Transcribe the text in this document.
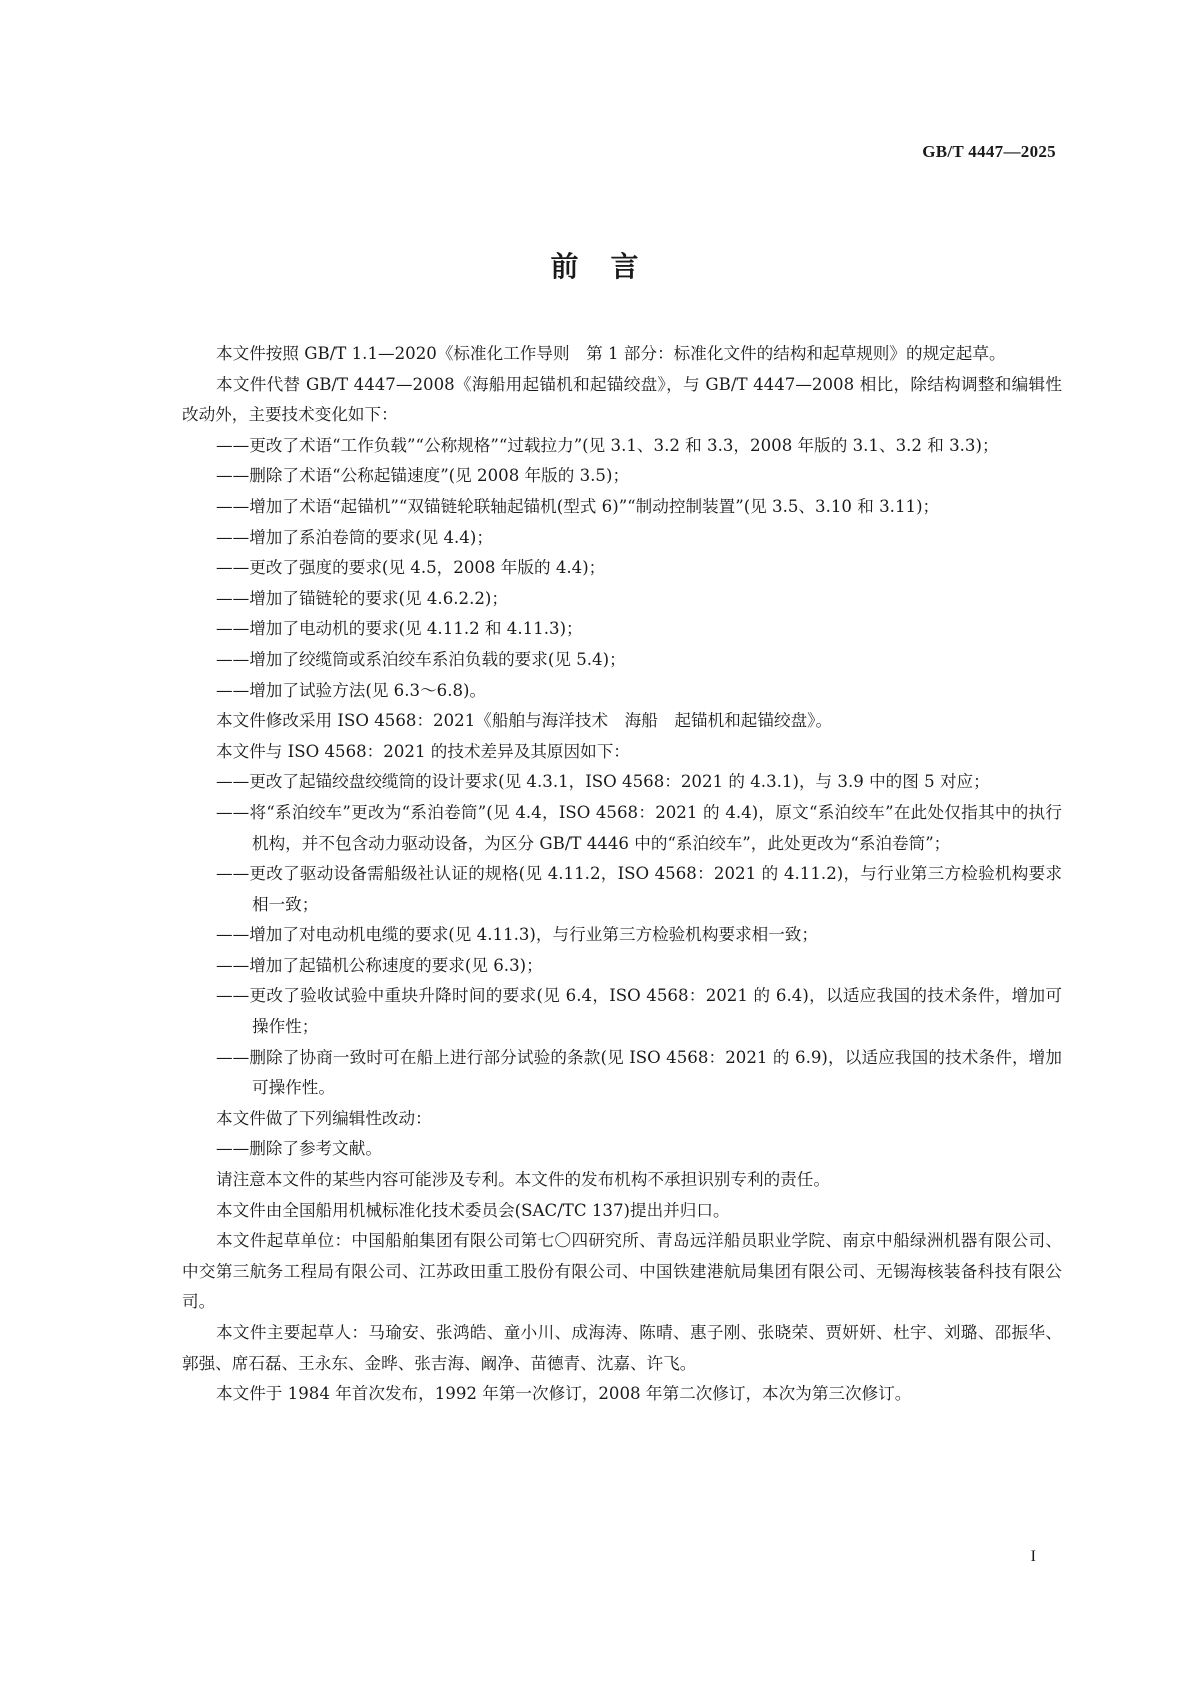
GB/T 4447—2025
前　言

本文件按照 GB/T 1.1—2020《标准化工作导则　第 1 部分：标准化文件的结构和起草规则》的规定起草。

本文件代替 GB/T 4447—2008《海船用起锚机和起锚绞盘》，与 GB/T 4447—2008 相比，除结构调整和编辑性改动外，主要技术变化如下：

——更改了术语“工作负载”“公称规格”“过载拉力”(见 3.1、3.2 和 3.3，2008 年版的 3.1、3.2 和 3.3)；

——删除了术语“公称起锚速度”(见 2008 年版的 3.5)；

——增加了术语“起锚机”“双锚链轮联轴起锚机(型式 6)”“制动控制装置”(见 3.5、3.10 和 3.11)；

——增加了系泊卷筒的要求(见 4.4)；

——更改了强度的要求(见 4.5，2008 年版的 4.4)；

——增加了锚链轮的要求(见 4.6.2.2)；

——增加了电动机的要求(见 4.11.2 和 4.11.3)；

——增加了绞缆筒或系泊绞车系泊负载的要求(见 5.4)；

——增加了试验方法(见 6.3～6.8)。

本文件修改采用 ISO 4568：2021《船舶与海洋技术　海船　起锚机和起锚绞盘》。

本文件与 ISO 4568：2021 的技术差异及其原因如下：

——更改了起锚绞盘绞缆筒的设计要求(见 4.3.1，ISO 4568：2021 的 4.3.1)，与 3.9 中的图 5 对应；

——将“系泊绞车”更改为“系泊卷筒”(见 4.4，ISO 4568：2021 的 4.4)，原文“系泊绞车”在此处仅指其中的执行机构，并不包含动力驱动设备，为区分 GB/T 4446 中的“系泊绞车”，此处更改为“系泊卷筒”；

——更改了驱动设备需船级社认证的规格(见 4.11.2，ISO 4568：2021 的 4.11.2)，与行业第三方检验机构要求相一致；

——增加了对电动机电缆的要求(见 4.11.3)，与行业第三方检验机构要求相一致；

——增加了起锚机公称速度的要求(见 6.3)；

——更改了验收试验中重块升降时间的要求(见 6.4，ISO 4568：2021 的 6.4)，以适应我国的技术条件，增加可操作性；

——删除了协商一致时可在船上进行部分试验的条款(见 ISO 4568：2021 的 6.9)，以适应我国的技术条件，增加可操作性。

本文件做了下列编辑性改动：

——删除了参考文献。

请注意本文件的某些内容可能涉及专利。本文件的发布机构不承担识别专利的责任。

本文件由全国船用机械标准化技术委员会(SAC/TC 137)提出并归口。

本文件起草单位：中国船舶集团有限公司第七〇四研究所、青岛远洋船员职业学院、南京中船绿洲机器有限公司、中交第三航务工程局有限公司、江苏政田重工股份有限公司、中国铁建港航局集团有限公司、无锡海核装备科技有限公司。

本文件主要起草人：马瑜安、张鸿皓、童小川、成海涛、陈晴、惠子刚、张晓荣、贾妍妍、杜宇、刘璐、邵振华、郭强、席石磊、王永东、金晔、张吉海、阚净、苗德青、沈嘉、许飞。

本文件于 1984 年首次发布，1992 年第一次修订，2008 年第二次修订，本次为第三次修订。

I
